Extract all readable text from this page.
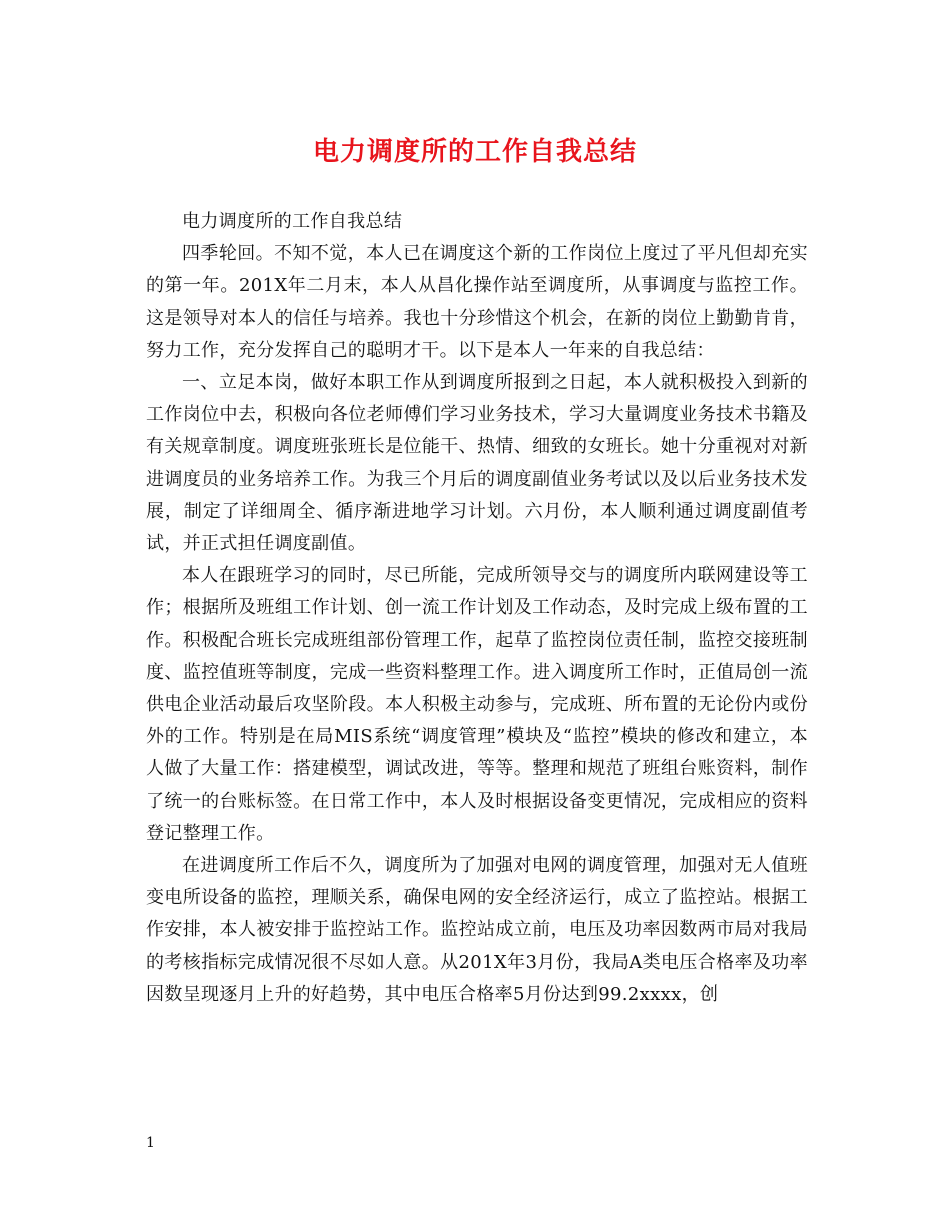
电力调度所的工作自我总结

电力调度所的工作自我总结

四季轮回。不知不觉，本人已在调度这个新的工作岗位上度过了平凡但却充实的第一年。201X年二月末，本人从昌化操作站至调度所，从事调度与监控工作。这是领导对本人的信任与培养。我也十分珍惜这个机会，在新的岗位上勤勤肯肯，努力工作，充分发挥自己的聪明才干。以下是本人一年来的自我总结：

一、立足本岗，做好本职工作从到调度所报到之日起，本人就积极投入到新的工作岗位中去，积极向各位老师傅们学习业务技术，学习大量调度业务技术书籍及有关规章制度。调度班张班长是位能干、热情、细致的女班长。她十分重视对对新进调度员的业务培养工作。为我三个月后的调度副值业务考试以及以后业务技术发展，制定了详细周全、循序渐进地学习计划。六月份，本人顺利通过调度副值考试，并正式担任调度副值。

本人在跟班学习的同时，尽已所能，完成所领导交与的调度所内联网建设等工作；根据所及班组工作计划、创一流工作计划及工作动态，及时完成上级布置的工作。积极配合班长完成班组部份管理工作，起草了监控岗位责任制，监控交接班制度、监控值班等制度，完成一些资料整理工作。进入调度所工作时，正值局创一流供电企业活动最后攻坚阶段。本人积极主动参与，完成班、所布置的无论份内或份外的工作。特别是在局MIS系统“调度管理”模块及“监控”模块的修改和建立，本人做了大量工作：搭建模型，调试改进，等等。整理和规范了班组台账资料，制作了统一的台账标签。在日常工作中，本人及时根据设备变更情况，完成相应的资料登记整理工作。

在进调度所工作后不久，调度所为了加强对电网的调度管理，加强对无人值班变电所设备的监控，理顺关系，确保电网的安全经济运行，成立了监控站。根据工作安排，本人被安排于监控站工作。监控站成立前，电压及功率因数两市局对我局的考核指标完成情况很不尽如人意。从201X年3月份，我局A类电压合格率及功率因数呈现逐月上升的好趋势，其中电压合格率5月份达到99.2xxxx，创

1
